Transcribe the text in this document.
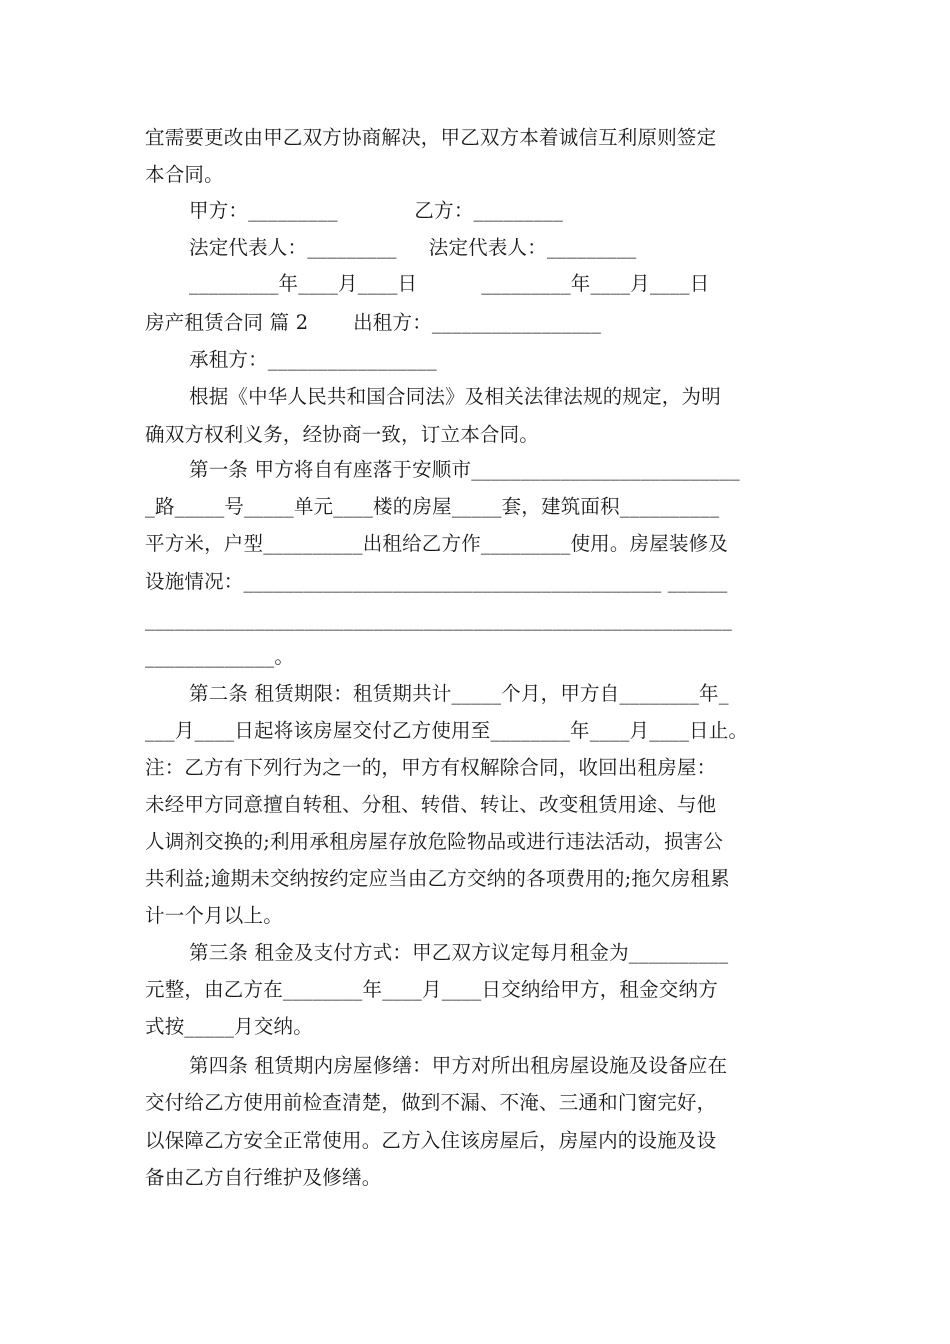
宜需要更改由甲乙双方协商解决，甲乙双方本着诚信互利原则签定
本合同。
甲方：_________            乙方：_________
法定代表人：_________     法定代表人：_________
_________年____月____日          _________年____月____日
房产租赁合同 篇 2       出租方：_________________
承租方：_________________
根据《中华人民共和国合同法》及相关法律法规的规定，为明
确双方权利义务，经协商一致，订立本合同。
第一条 甲方将自有座落于安顺市___________________________
_路_____号_____单元____楼的房屋_____套，建筑面积__________
平方米，户型__________出租给乙方作_________使用。房屋装修及
设施情况：__________________________________________ ______
___________________________________________________________
_____________。
第二条 租赁期限：租赁期共计_____个月，甲方自________年_
___月____日起将该房屋交付乙方使用至________年____月____日止。
注：乙方有下列行为之一的，甲方有权解除合同，收回出租房屋：
未经甲方同意擅自转租、分租、转借、转让、改变租赁用途、与他
人调剂交换的;利用承租房屋存放危险物品或进行违法活动，损害公
共利益;逾期未交纳按约定应当由乙方交纳的各项费用的;拖欠房租累
计一个月以上。
第三条 租金及支付方式：甲乙双方议定每月租金为__________
元整，由乙方在________年____月____日交纳给甲方，租金交纳方
式按_____月交纳。
第四条 租赁期内房屋修缮：甲方对所出租房屋设施及设备应在
交付给乙方使用前检查清楚，做到不漏、不淹、三通和门窗完好，
以保障乙方安全正常使用。乙方入住该房屋后，房屋内的设施及设
备由乙方自行维护及修缮。
